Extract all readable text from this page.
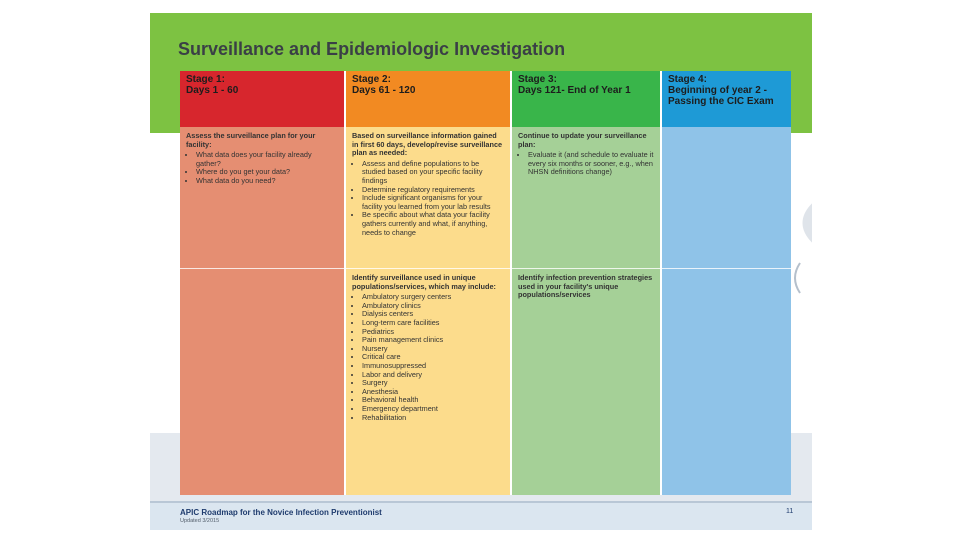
Surveillance and Epidemiologic Investigation
Stage 1:
Days 1 - 60
Assess the surveillance plan for your facility:
• What data does your facility already gather?
• Where do you get your data?
• What data do you need?
Stage 2:
Days 61 - 120
Based on surveillance information gained in first 60 days, develop/revise surveillance plan as needed:
• Assess and define populations to be studied based on your specific facility findings
• Determine regulatory requirements
• Include significant organisms for your facility you learned from your lab results
• Be specific about what data your facility gathers currently and what, if anything, needs to change
Identify surveillance used in unique populations/services, which may include:
• Ambulatory surgery centers
• Ambulatory clinics
• Dialysis centers
• Long-term care facilities
• Pediatrics
• Pain management clinics
• Nursery
• Critical care
• Immunosuppressed
• Labor and delivery
• Surgery
• Anesthesia
• Behavioral health
• Emergency department
• Rehabilitation
Stage 3:
Days 121- End of Year 1
Continue to update your surveillance plan:
• Evaluate it (and schedule to evaluate it every six months or sooner, e.g., when NHSN definitions change)
Identify infection prevention strategies used in your facility's unique populations/services
Stage 4:
Beginning of year 2 - Passing the CIC Exam
APIC Roadmap for the Novice Infection Preventionist
Updated 3/2015
11
